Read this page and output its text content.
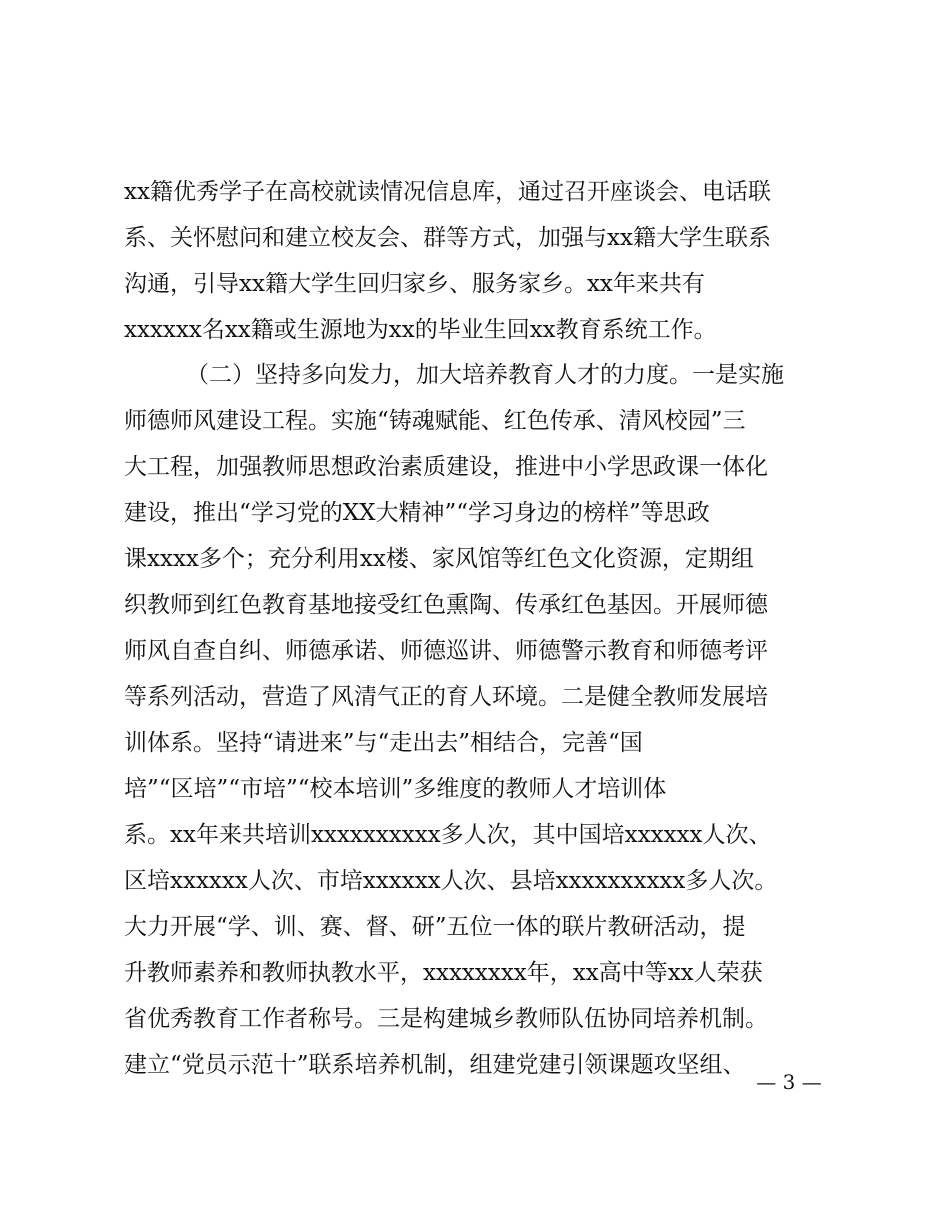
xx籍优秀学子在高校就读情况信息库，通过召开座谈会、电话联
系、关怀慰问和建立校友会、群等方式，加强与xx籍大学生联系
沟通，引导xx籍大学生回归家乡、服务家乡。xx年来共有
xxxxxx名xx籍或生源地为xx的毕业生回xx教育系统工作。
（二）坚持多向发力，加大培养教育人才的力度。一是实施
师德师风建设工程。实施“铸魂赋能、红色传承、清风校园”三
大工程，加强教师思想政治素质建设，推进中小学思政课一体化
建设，推出“学习党的XX大精神”“学习身边的榜样”等思政
课xxxx多个；充分利用xx楼、家风馆等红色文化资源，定期组
织教师到红色教育基地接受红色熏陶、传承红色基因。开展师德
师风自查自纠、师德承诺、师德巡讲、师德警示教育和师德考评
等系列活动，营造了风清气正的育人环境。二是健全教师发展培
训体系。坚持“请进来”与“走出去”相结合，完善“国
培”“区培”“市培”“校本培训”多维度的教师人才培训体
系。xx年来共培训xxxxxxxxxx多人次，其中国培xxxxxx人次、
区培xxxxxx人次、市培xxxxxx人次、县培xxxxxxxxxx多人次。
大力开展“学、训、赛、督、研”五位一体的联片教研活动，提
升教师素养和教师执教水平，xxxxxxxx年，xx高中等xx人荣获
省优秀教育工作者称号。三是构建城乡教师队伍协同培养机制。
建立“党员示范十”联系培养机制，组建党建引领课题攻坚组、
— 3 —
